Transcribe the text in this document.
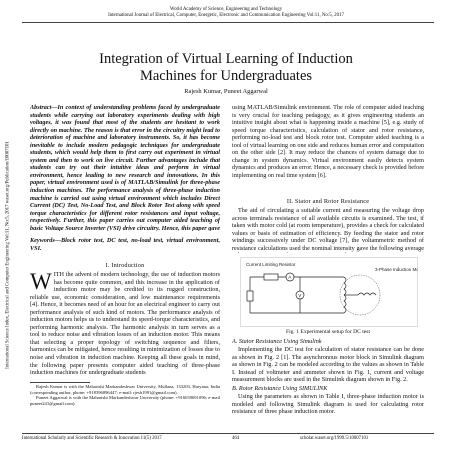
World Academy of Science, Engineering and Technology
International Journal of Electrical, Computer, Energetic, Electronic and Communication Engineering Vol:11, No:5, 2017
Integration of Virtual Learning of Induction
Machines for Undergraduates
Rajesh Kumar, Puneet Aggarwal
International Science Index, Electrical and Computer Engineering Vol:11, No:5, 2017 waset.org/Publication/10007101

Abstract—In context of understanding problems faced by undergraduate students while carrying out laboratory experiments dealing with high voltages, it was found that most of the students are hesitant to work directly on machine. The reason is that error in the circuitry might lead to deterioration of machine and laboratory instruments. So, it has become inevitable to include modern pedagogic techniques for undergraduate students, which would help them to first carry out experiment in virtual system and then to work on live circuit. Further advantages include that students can try out their intuitive ideas and perform in virtual environment, hence leading to new research and innovations. In this paper, virtual environment used is of MATLAB/Simulink for three-phase induction machines. The performance analysis of three-phase induction machine is carried out using virtual environment which includes Direct Current (DC) Test, No-Load Test, and Block Rotor Test along with speed torque characteristics for different rotor resistances and input voltage, respectively. Further, this paper carries out computer aided teaching of basic Voltage Source Inverter (VSI) drive circuitry. Hence, this paper gave

Keywords—Block rotor test, DC test, no-load test, virtual environment, VSI.

I. Introduction
WITH the advent of modern technology, the use of induction motors has become quite common, and this increase in the application of induction motor may be credited to its rugged construction, reliable use, economic consideration, and low maintenance requirements [4]. Hence, it becomes need of an hour for an electrical engineer to carry out performance analysis of such kind of motors. The performance analysis of induction motors helps us to understand its speed-torque characteristics, and performing harmonic analysis. The harmonic analysis in turn serves as a tool to reduce noise and vibration losses of an induction motor. This means that selecting a proper topology of switching sequence and filters, harmonics can be mitigated, hence resulting in minimization of losses due to noise and vibration in induction machine. Keeping all these goals in mind, the following paper presents computer aided teaching of three-phase induction machines for undergraduate students

Rajesh Kumar is with the Maharishi Markandeshwar University, Mullana, 133203, Haryana, India (corresponding author, phone: +918396896447; e-mail: rjesh1991@gmail.com).

Puneet Aggarwal is with the Maharishi Markandeshwar University (phone: +916039691096; e-mail puneet241@gmail.com).

using MATLAB/Simulink environment. The role of computer aided teaching is very crucial for teaching pedagogy, as it gives engineering students an intuitive insight about what is happening inside a machine [5], e.g. study of speed torque characteristics, calculation of stator and rotor resistance, performing no-load test and block rotor test. Computer aided teaching is a tool of virtual learning on one side and reduces human error and computation on the other side [2]. It may reduce the chances of system damage due to change in system dynamics. Virtual environment easily detects system dynamics and produces an error. Hence, a necessary check is provided before implementing on real time system [6].

II. Stator and Rotor Resistance

The aid of circulating a suitable current and measuring the voltage drop across terminals resistance of all available circuits is examined. The test, if taken with motor cold (at room temperature), provides a check for calculated values or basis of estimation of efficiency. By feeding the stator and rotor windings successively under DC voltage [7], the voltammetric method of resistance calculations used the nominal intensity gave the following average

Current Limiting Resistor
A
V
3-Phase Induction Mo
Fig. 1 Experimental setup for DC test
A. Stator Resistance Using Simulink

Implementing the DC test for calculation of stator resistance can be done as shown in Fig. 2 [1]. The asynchronous motor block in Simulink diagram as shown in Fig. 2 can be modeled according to the values as shown in Table I. Instead of voltmeter and ammeter shown in Fig. 1, current and voltage measurement blocks are used in the Simulink diagram shown in Fig. 2.

B. Rotor Resistance Using SIMULINK

Using the parameters as shown in Table I, three-phase induction motor is modeled and following Simulink diagram is used for calculating rotor resistance of three phase induction motor.

International Scholarly and Scientific Research & Innovation 11(5) 2017	464	scholar.waset.org/1999.5/10007101
